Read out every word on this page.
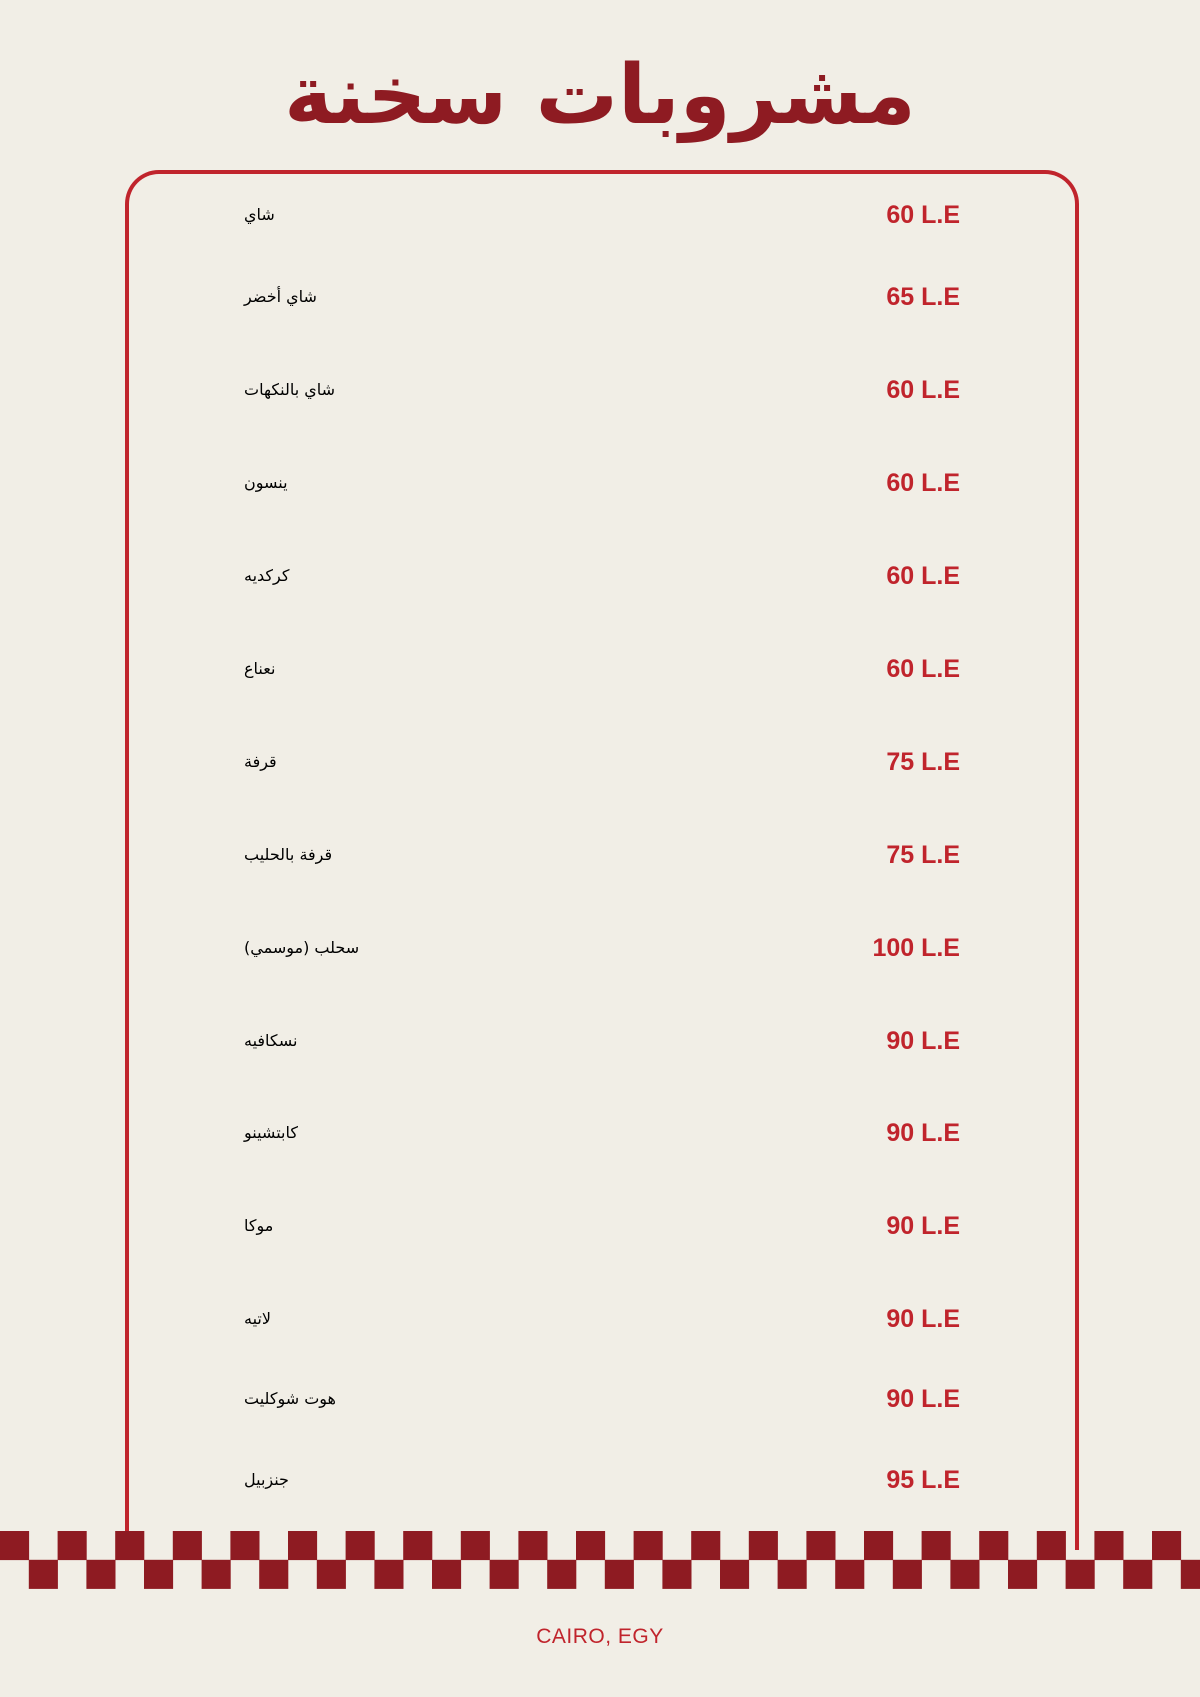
مشروبات سخنة
شاي	60 L.E
شاي أخضر	65 L.E
شاي بالنكهات	60 L.E
ينسون	60 L.E
كركديه	60 L.E
نعناع	60 L.E
قرفة	75 L.E
قرفة بالحليب	75 L.E
سحلب (موسمي)	100 L.E
نسكافيه	90 L.E
كابتشينو	90 L.E
موكا	90 L.E
لاتيه	90 L.E
هوت شوكليت	90 L.E
جنزبيل	95 L.E
CAIRO, EGY
